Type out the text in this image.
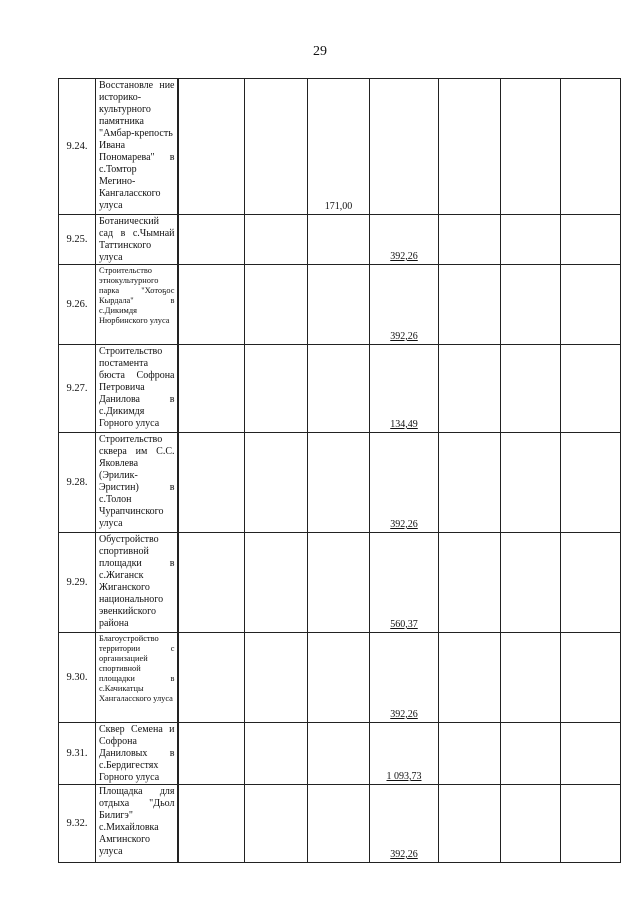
29
9.24.	Восстановле ние историко-культурного памятника "Амбар-крепость Ивана Пономарева" в с.Томтор Мегино-Кангаласского улуса			171,00				

9.25.	Ботанический сад в с.Чымнай Таттинского улуса				392,26			

9.26.	Строительство этнокультурного парка "Хотоҕос Кырдала" в с.Дикимдя Нюрбинского улуса				392,26			

9.27.	Строительство постамента бюста Софрона Петровича Данилова в с.Дикимдя Горного улуса				134,49			

9.28.	Строительство сквера им С.С. Яковлева (Эрилик-Эристин) в с.Толон Чурапчинского улуса				392,26			

9.29.	Обустройство спортивной площадки в с.Жиганск Жиганского национального эвенкийского района				560,37			

9.30.	Благоустройство территории с организацией спортивной площадки в с.Качикатцы Хангаласского улуса				392,26			

9.31.	Сквер Семена и Софрона Даниловых в с.Бердигестях Горного улуса				1 093,73			

9.32.	Площадка для отдыха "Дьол Билигэ" с.Михайловка Амгинского улуса				392,26			
